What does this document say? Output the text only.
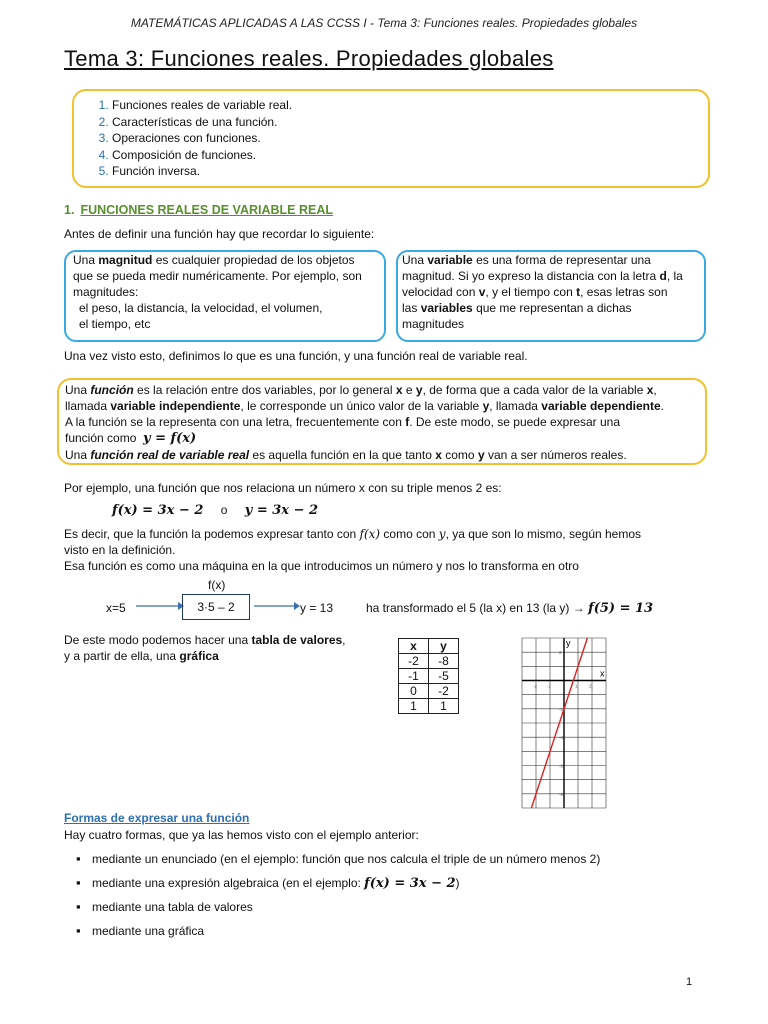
MATEMÁTICAS APLICADAS A LAS CCSS I - Tema 3: Funciones reales. Propiedades globales
Tema 3: Funciones reales. Propiedades globales
1. Funciones reales de variable real.
2. Características de una función.
3. Operaciones con funciones.
4. Composición de funciones.
5. Función inversa.
1. FUNCIONES REALES DE VARIABLE REAL
Antes de definir una función hay que recordar lo siguiente:
Una magnitud es cualquier propiedad de los objetos
que se pueda medir numéricamente. Por ejemplo, son
magnitudes:
el peso, la distancia, la velocidad, el volumen,
el tiempo, etc
Una variable es una forma de representar una
magnitud. Si yo expreso la distancia con la letra d, la
velocidad con v, y el tiempo con t, esas letras son
las variables que me representan a dichas
magnitudes
Una vez visto esto, definimos lo que es una función, y una función real de variable real.
Una función es la relación entre dos variables, por lo general x e y, de forma que a cada valor de la variable x,
llamada variable independiente, le corresponde un único valor de la variable y, llamada variable dependiente.
A la función se la representa con una letra, frecuentemente con f. De este modo, se puede expresar una
función como y = f(x)
Una función real de variable real es aquella función en la que tanto x como y van a ser números reales.
Por ejemplo, una función que nos relaciona un número x con su triple menos 2 es:
f(x) = 3x − 2 o y = 3x − 2
Es decir, que la función la podemos expresar tanto con f(x) como con y, ya que son lo mismo, según hemos
visto en la definición.
Esa función es como una máquina en la que introducimos un número y nos lo transforma en otro
f(x)
x=5	3·5 – 2	y = 13	ha transformado el 5 (la x) en 13 (la y) → f(5) = 13
De este modo podemos hacer una tabla de valores,
y a partir de ella, una gráfica
x	y
-2	-8
-1	-5
0	-2
1	1
y
x
-2 -1	1	2
2
-2
-4
-6
-8
Formas de expresar una función
Hay cuatro formas, que ya las hemos visto con el ejemplo anterior:
▪ mediante un enunciado (en el ejemplo: función que nos calcula el triple de un número menos 2)
▪ mediante una expresión algebraica (en el ejemplo: f(x) = 3x − 2)
▪ mediante una tabla de valores
▪ mediante una gráfica
1
